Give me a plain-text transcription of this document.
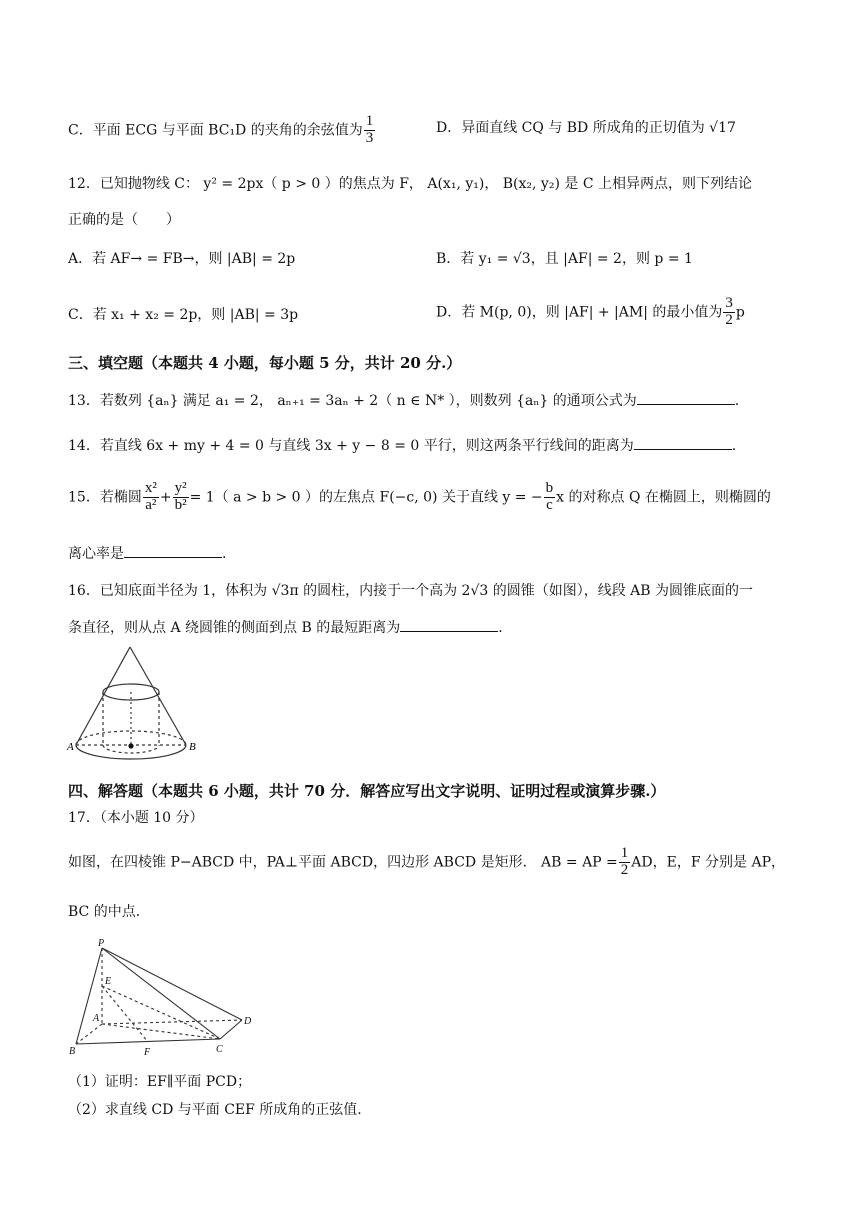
C．平面 ECG 与平面 BC₁D 的夹角的余弦值为 $\frac{1}{3}$	D．异面直线 CQ 与 BD 所成角的正切值为 √17
12．已知抛物线 C： y² = 2px（ p > 0 ）的焦点为 F， A(x₁, y₁)， B(x₂, y₂) 是 C 上相异两点，则下列结论
正确的是（　　）
A．若 AF→ = FB→，则 |AB| = 2p	B．若 y₁ = √3，且 |AF| = 2，则 p = 1
C．若 x₁ + x₂ = 2p，则 |AB| = 3p	D．若 M(p, 0)，则 |AF| + |AM| 的最小值为 $\frac{3}{2}$ p
三、填空题（本题共 4 小题，每小题 5 分，共计 20 分.）
13．若数列 {aₙ} 满足 a₁ = 2， aₙ₊₁ = 3aₙ + 2（ n ∈ N* ），则数列 {aₙ} 的通项公式为	.
14．若直线 6x + my + 4 = 0 与直线 3x + y − 8 = 0 平行，则这两条平行线间的距离为	.
15．若椭圆 $\frac{\text{x²}}{\text{a²}} + \frac{\text{y²}}{\text{b²}} = 1$（ a > b > 0 ）的左焦点 F(−c, 0) 关于直线 y = − $\frac{b}{c}$ x 的对称点 Q 在椭圆上，则椭圆的
离心率是	.
16．已知底面半径为 1，体积为 √3π 的圆柱，内接于一个高为 2√3 的圆锥（如图），线段 AB 为圆锥底面的一
条直径，则从点 A 绕圆锥的侧面到点 B 的最短距离为	.
A	B
四、解答题（本题共 6 小题，共计 70 分．解答应写出文字说明、证明过程或演算步骤.）
17．（本小题 10 分）
如图，在四棱锥 P−ABCD 中，PA⊥平面 ABCD，四边形 ABCD 是矩形． AB = AP = $\frac{1}{2}$ AD，E，F 分别是 AP，
BC 的中点．
P
E
A	D
B	F	C
（1）证明：EF∥平面 PCD；
（2）求直线 CD 与平面 CEF 所成角的正弦值.
